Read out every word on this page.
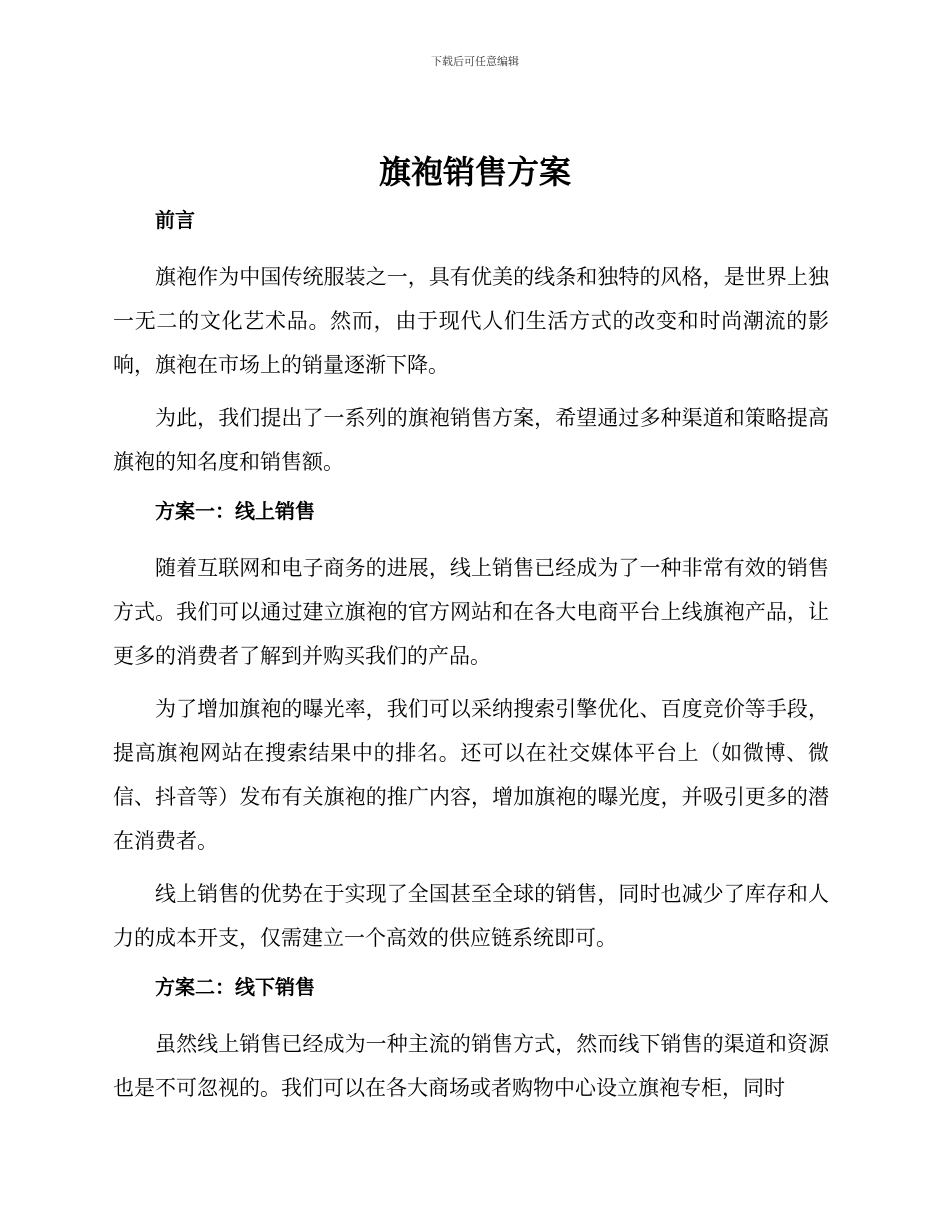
下载后可任意编辑
旗袍销售方案
前言

旗袍作为中国传统服装之一，具有优美的线条和独特的风格，是世界上独一无二的文化艺术品。然而，由于现代人们生活方式的改变和时尚潮流的影响，旗袍在市场上的销量逐渐下降。

为此，我们提出了一系列的旗袍销售方案，希望通过多种渠道和策略提高旗袍的知名度和销售额。

方案一：线上销售

随着互联网和电子商务的进展，线上销售已经成为了一种非常有效的销售方式。我们可以通过建立旗袍的官方网站和在各大电商平台上线旗袍产品，让更多的消费者了解到并购买我们的产品。

为了增加旗袍的曝光率，我们可以采纳搜索引擎优化、百度竞价等手段，提高旗袍网站在搜索结果中的排名。还可以在社交媒体平台上（如微博、微信、抖音等）发布有关旗袍的推广内容，增加旗袍的曝光度，并吸引更多的潜在消费者。

线上销售的优势在于实现了全国甚至全球的销售，同时也减少了库存和人力的成本开支，仅需建立一个高效的供应链系统即可。

方案二：线下销售

虽然线上销售已经成为一种主流的销售方式，然而线下销售的渠道和资源也是不可忽视的。我们可以在各大商场或者购物中心设立旗袍专柜，同时
